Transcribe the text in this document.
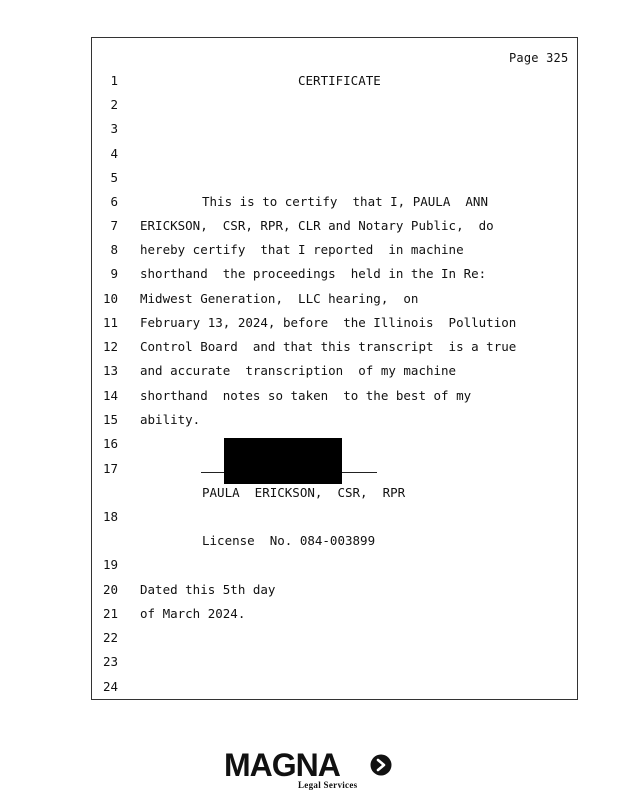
Page 325
1	CERTIFICATE
2
3
4
5
6	This is to certify  that I, PAULA  ANN
7 ERICKSON,  CSR, RPR, CLR and Notary Public,  do
8 hereby certify  that I reported  in machine
9 shorthand  the proceedings  held in the In Re:
10 Midwest Generation,  LLC hearing,  on
11 February 13, 2024, before  the Illinois  Pollution
12 Control Board  and that this transcript  is a true
13 and accurate  transcription  of my machine
14 shorthand  notes so taken  to the best of my
15 ability.
16
17
PAULA  ERICKSON,  CSR,  RPR
18
License  No. 084-003899
19
20 Dated this 5th day
21 of March 2024.
22
23
24
MAGNA
Legal Services
